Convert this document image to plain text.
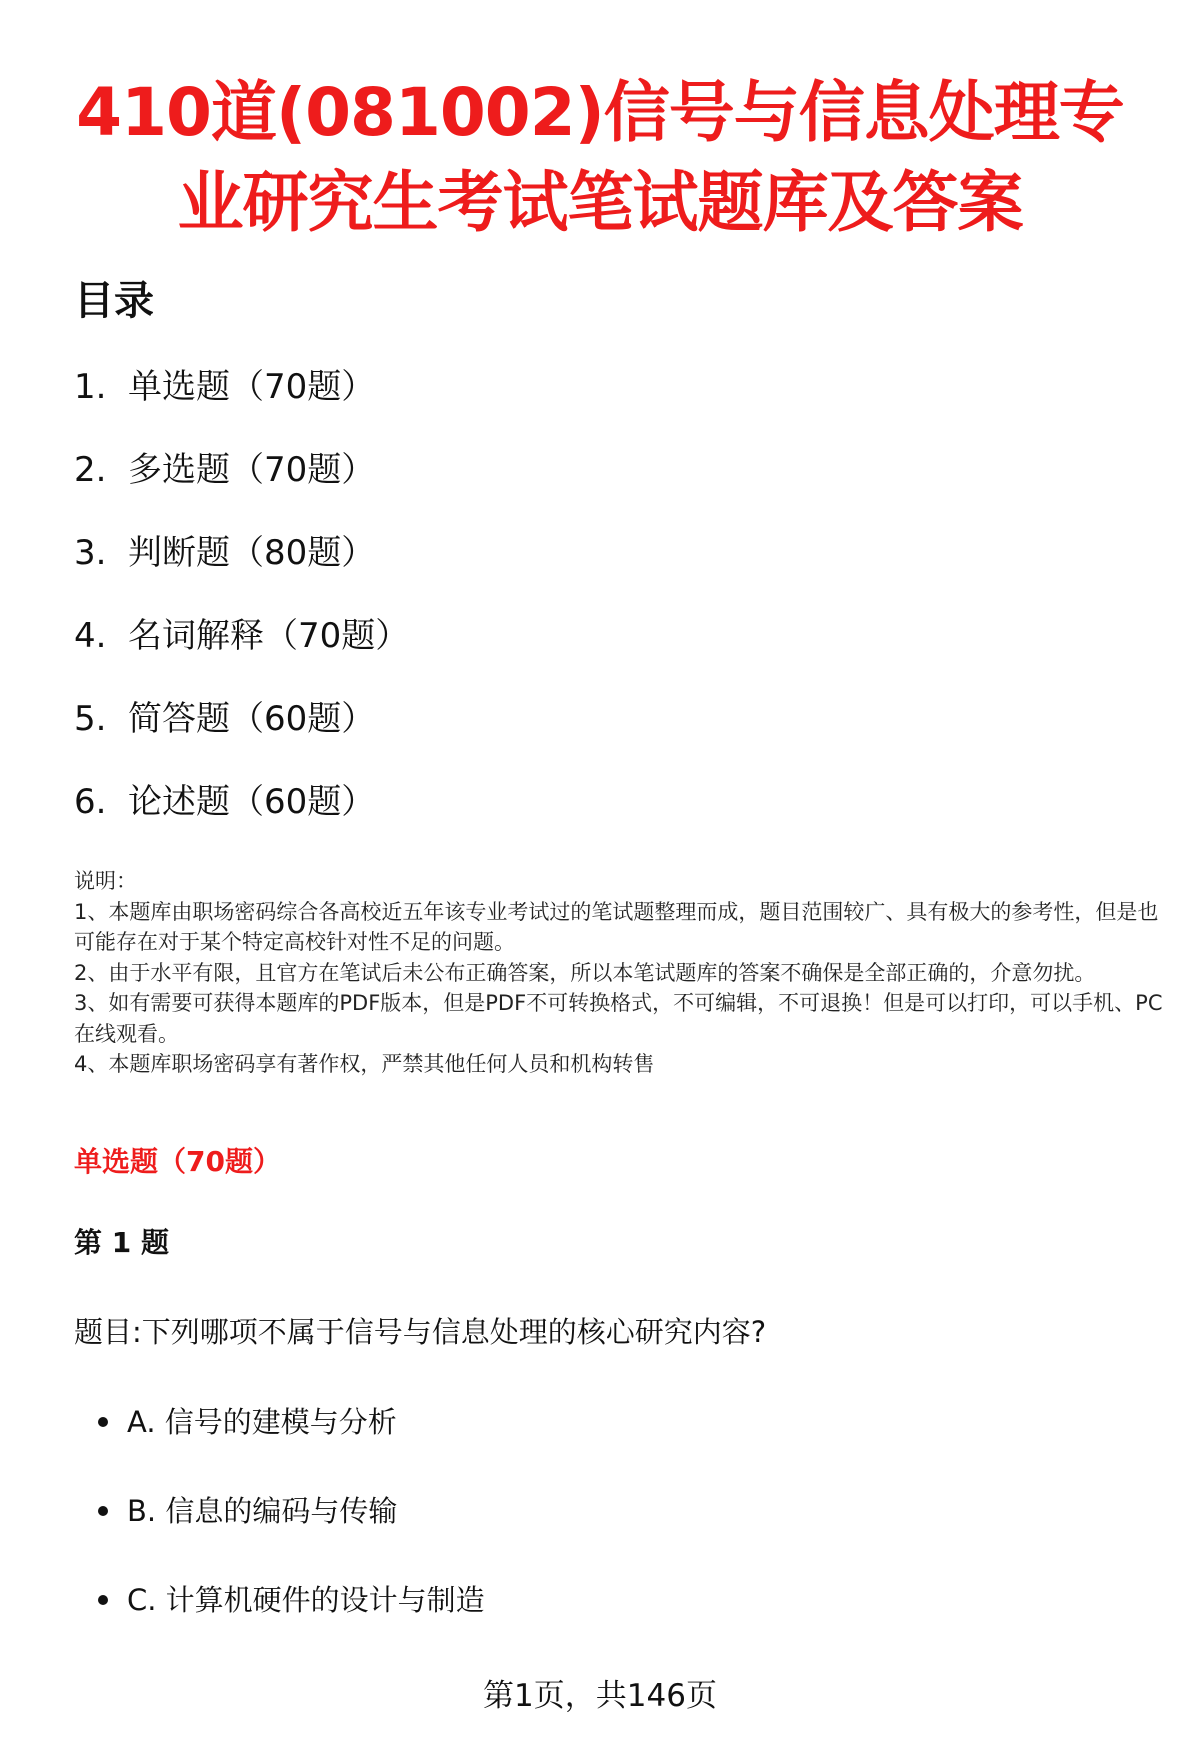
410道(081002)信号与信息处理专业研究生考试笔试题库及答案
目录
1. 单选题（70题）
2. 多选题（70题）
3. 判断题（80题）
4. 名词解释（70题）
5. 简答题（60题）
6. 论述题（60题）

说明：

1、本题库由职场密码综合各高校近五年该专业考试过的笔试题整理而成，题目范围较广、具有极大的参考性，但是也可能存在对于某个特定高校针对性不足的问题。

2、由于水平有限，且官方在笔试后未公布正确答案，所以本笔试题库的答案不确保是全部正确的，介意勿扰。

3、如有需要可获得本题库的PDF版本，但是PDF不可转换格式，不可编辑，不可退换！但是可以打印，可以手机、PC在线观看。

4、本题库职场密码享有著作权，严禁其他任何人员和机构转售

单选题（70题）
第 1 题

题目:下列哪项不属于信号与信息处理的核心研究内容?

A. 信号的建模与分析
B. 信息的编码与传输
C. 计算机硬件的设计与制造

第1页，共146页
